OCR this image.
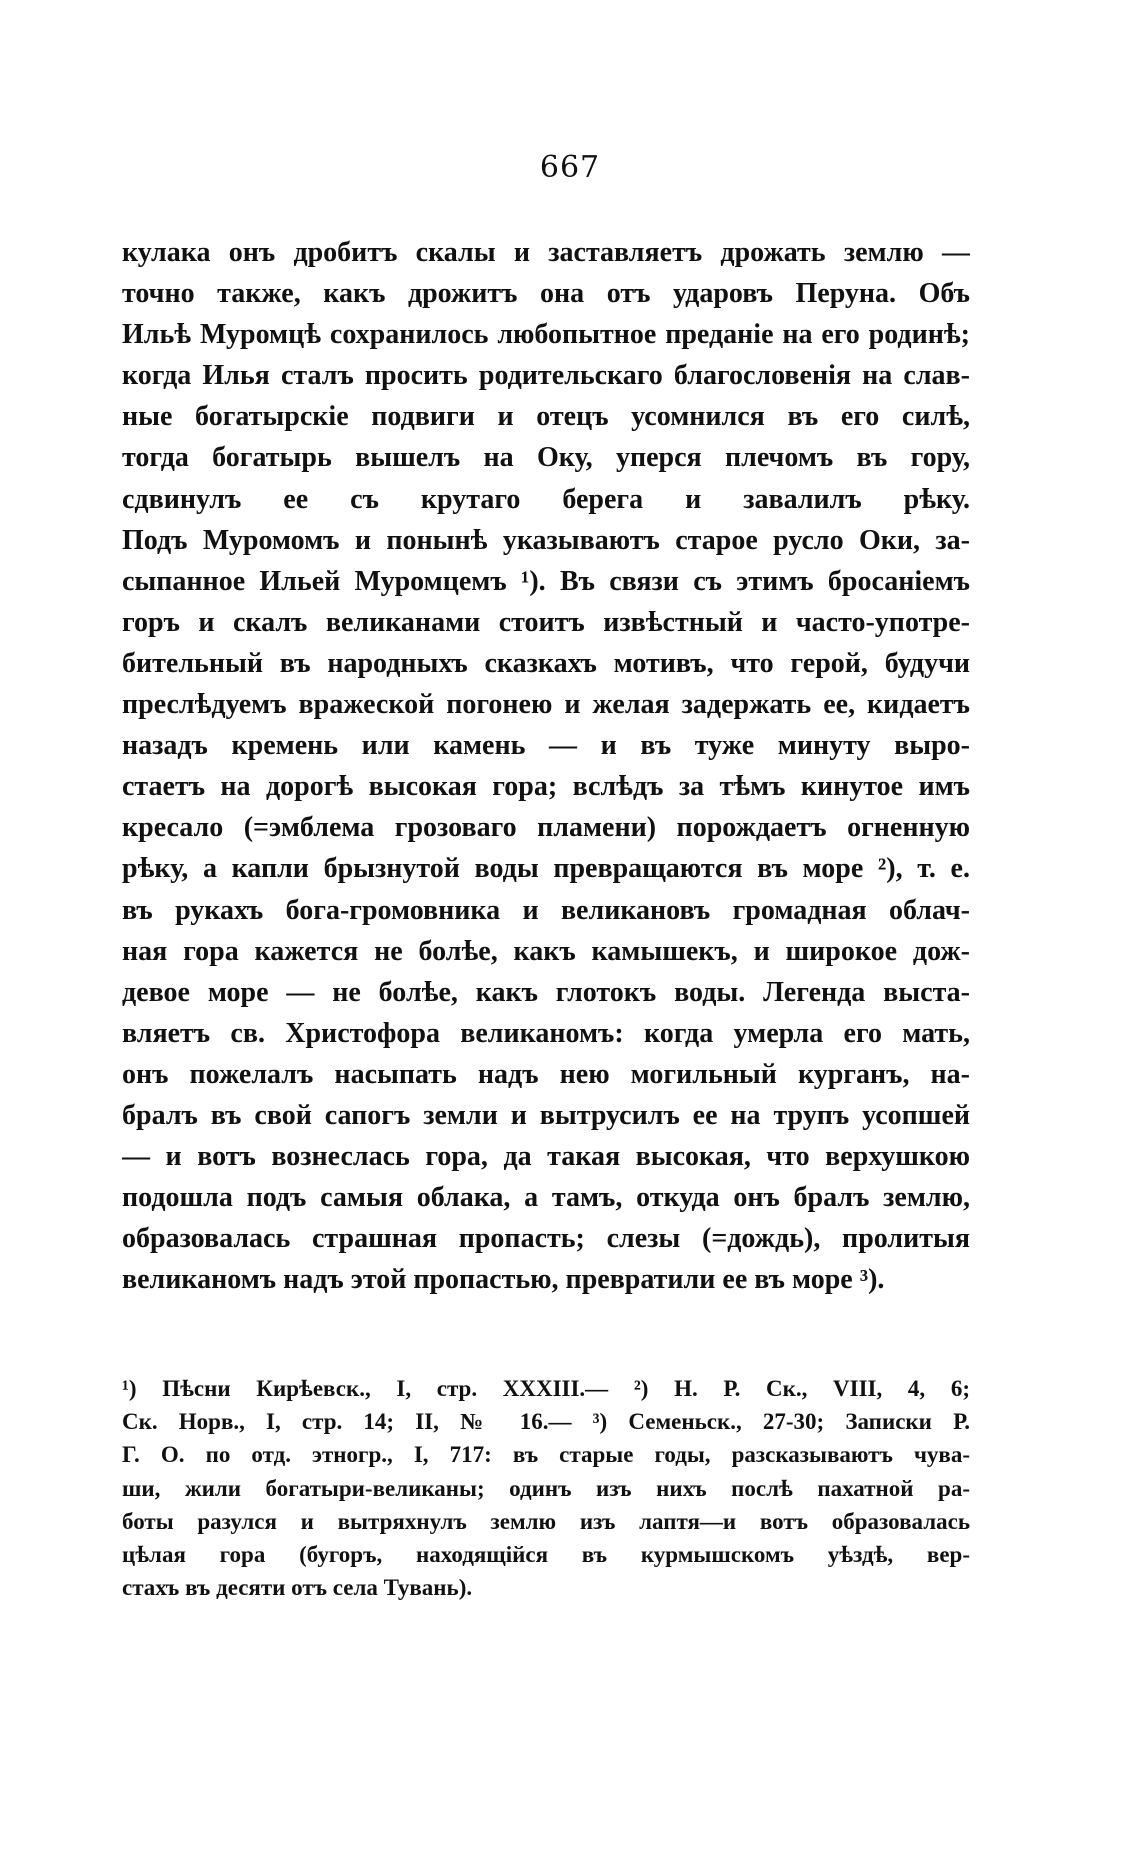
667
кулака онъ дробитъ скалы и заставляетъ дрожать землю —
точно также, какъ дрожитъ она отъ ударовъ Перуна. Объ
Ильѣ Муромцѣ сохранилось любопытное преданіе на его родинѣ;
когда Илья сталъ просить родительскаго благословенія на слав-
ные богатырскіе подвиги и отецъ усомнился въ его силѣ,
тогда богатырь вышелъ на Оку, уперся плечомъ въ гору,
сдвинулъ ее съ крутаго берега и завалилъ рѣку.
Подъ Муромомъ и понынѣ указываютъ старое русло Оки, за-
сыпанное Ильей Муромцемъ ¹). Въ связи съ этимъ бросаніемъ
горъ и скалъ великанами стоитъ извѣстный и часто-употре-
бительный въ народныхъ сказкахъ мотивъ, что герой, будучи
преслѣдуемъ вражеской погонею и желая задержать ее, кидаетъ
назадъ кремень или камень — и въ туже минуту выро-
стаетъ на дорогѣ высокая гора; вслѣдъ за тѣмъ кинутое имъ
кресало (=эмблема грозоваго пламени) порождаетъ огненную
рѣку, а капли брызнутой воды превращаются въ море ²), т. е.
въ рукахъ бога-громовника и великановъ громадная облач-
ная гора кажется не болѣе, какъ камышекъ, и широкое дож-
девое море — не болѣе, какъ глотокъ воды. Легенда выста-
вляетъ св. Христофора великаномъ: когда умерла его мать,
онъ пожелалъ насыпать надъ нею могильный курганъ, на-
бралъ въ свой сапогъ земли и вытрусилъ ее на трупъ усопшей
— и вотъ вознеслась гора, да такая высокая, что верхушкою
подошла подъ самыя облака, а тамъ, откуда онъ бралъ землю,
образовалась страшная пропасть; слезы (=дождь), пролитыя
великаномъ надъ этой пропастью, превратили ее въ море ³).
¹) Пѣсни Кирѣевск., I, стр. XXXIII.— ²) Н. Р. Ск., VIII, 4, 6;
Ск. Норв., I, стр. 14; II, № 16.— ³) Семеньск., 27-30; Записки Р.
Г. О. по отд. этногр., I, 717: въ старые годы, разсказываютъ чува-
ши, жили богатыри-великаны; одинъ изъ нихъ послѣ пахатной ра-
боты разулся и вытряхнулъ землю изъ лаптя—и вотъ образовалась
цѣлая гора (бугоръ, находящійся въ курмышскомъ уѣздѣ, вер-
стахъ въ десяти отъ села Тувань).
